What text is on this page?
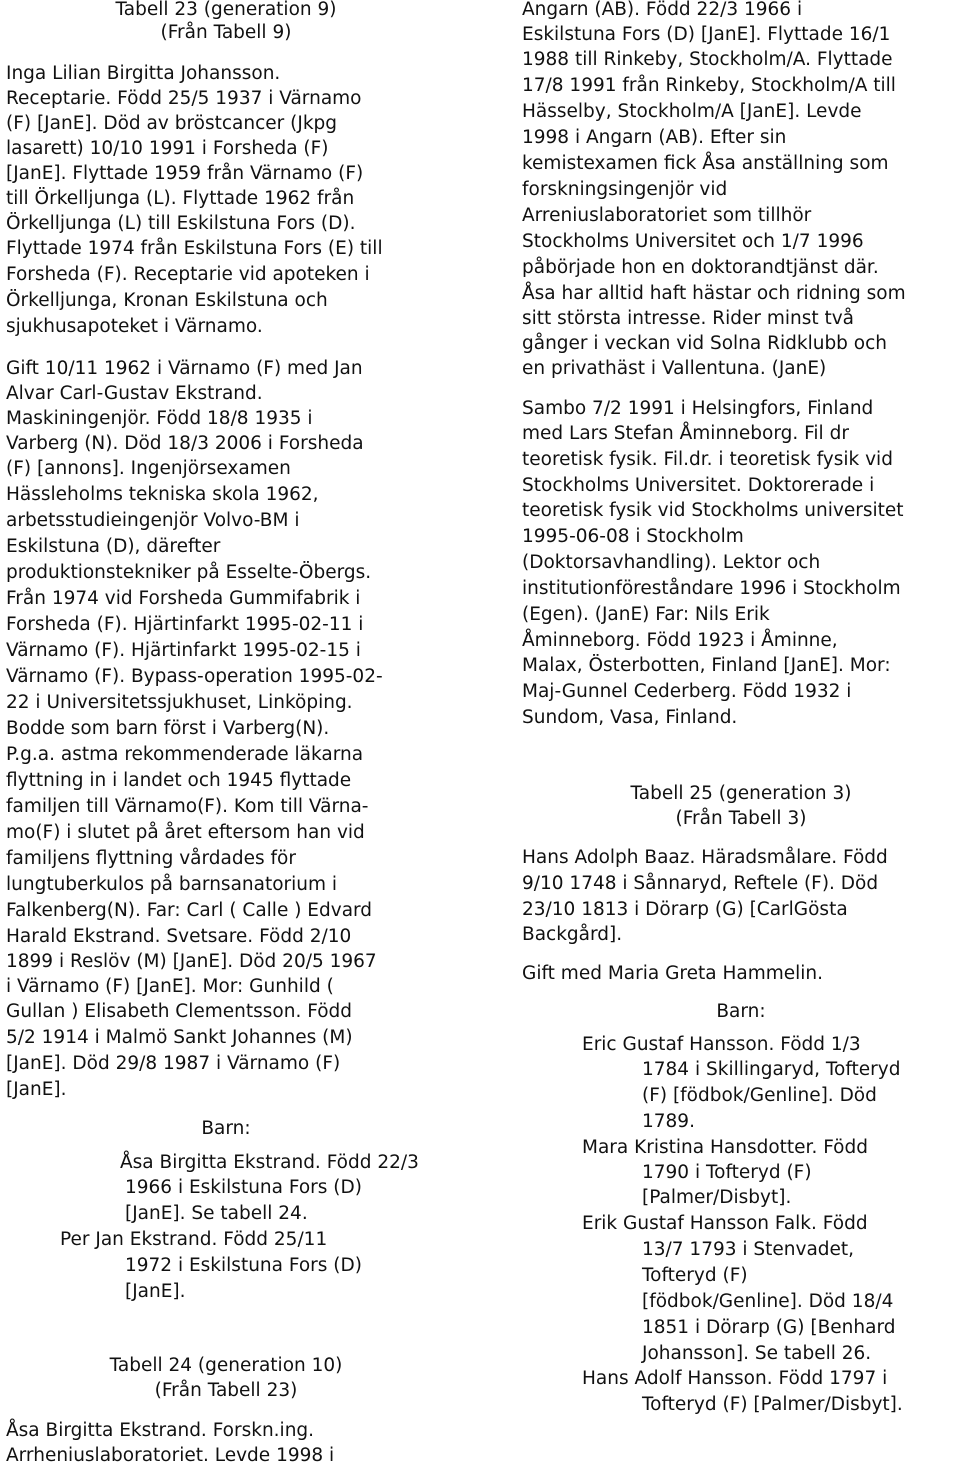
Tabell 23 (generation 9)
(Från Tabell 9)
Inga Lilian Birgitta Johansson.
Receptarie. Född 25/5 1937 i Värnamo
(F) [JanE]. Död av bröstcancer (Jkpg
lasarett) 10/10 1991 i Forsheda (F)
[JanE]. Flyttade 1959 från Värnamo (F)
till Örkelljunga (L). Flyttade 1962 från
Örkelljunga (L) till Eskilstuna Fors (D).
Flyttade 1974 från Eskilstuna Fors (E) till
Forsheda (F). Receptarie vid apoteken i
Örkelljunga, Kronan Eskilstuna och
sjukhusapoteket i Värnamo.
Gift 10/11 1962 i Värnamo (F) med Jan
Alvar Carl-Gustav Ekstrand.
Maskiningenjör. Född 18/8 1935 i
Varberg (N). Död 18/3 2006 i Forsheda
(F) [annons]. Ingenjörsexamen
Hässleholms tekniska skola 1962,
arbetsstudieingenjör Volvo-BM i
Eskilstuna (D), därefter
produktionstekniker på Esselte-Öbergs.
Från 1974 vid Forsheda Gummifabrik i
Forsheda (F). Hjärtinfarkt 1995-02-11 i
Värnamo (F). Hjärtinfarkt 1995-02-15 i
Värnamo (F). Bypass-operation 1995-02-
22 i Universitetssjukhuset, Linköping.
Bodde som barn först i Varberg(N).
P.g.a. astma rekommenderade läkarna
flyttning in i landet och 1945 flyttade
familjen till Värnamo(F). Kom till Värna-
mo(F) i slutet på året eftersom han vid
familjens flyttning vårdades för
lungtuberkulos på barnsanatorium i
Falkenberg(N). Far: Carl ( Calle ) Edvard
Harald Ekstrand. Svetsare. Född 2/10
1899 i Reslöv (M) [JanE]. Död 20/5 1967
i Värnamo (F) [JanE]. Mor: Gunhild (
Gullan ) Elisabeth Clementsson. Född
5/2 1914 i Malmö Sankt Johannes (M)
[JanE]. Död 29/8 1987 i Värnamo (F)
[JanE].
Barn:
Åsa Birgitta Ekstrand. Född 22/3
1966 i Eskilstuna Fors (D)
[JanE]. Se tabell 24.
Per Jan Ekstrand. Född 25/11
1972 i Eskilstuna Fors (D)
[JanE].
Tabell 24 (generation 10)
(Från Tabell 23)
Åsa Birgitta Ekstrand. Forskn.ing.
Arrheniuslaboratoriet. Levde 1998 i
Angarn (AB). Född 22/3 1966 i
Eskilstuna Fors (D) [JanE]. Flyttade 16/1
1988 till Rinkeby, Stockholm/A. Flyttade
17/8 1991 från Rinkeby, Stockholm/A till
Hässelby, Stockholm/A [JanE]. Levde
1998 i Angarn (AB). Efter sin
kemistexamen fick Åsa anställning som
forskningsingenjör vid
Arreniuslaboratoriet som tillhör
Stockholms Universitet och 1/7 1996
påbörjade hon en doktorandtjänst där.
Åsa har alltid haft hästar och ridning som
sitt största intresse. Rider minst två
gånger i veckan vid Solna Ridklubb och
en privathäst i Vallentuna. (JanE)
Sambo 7/2 1991 i Helsingfors, Finland
med Lars Stefan Åminneborg. Fil dr
teoretisk fysik. Fil.dr. i teoretisk fysik vid
Stockholms Universitet. Doktorerade i
teoretisk fysik vid Stockholms universitet
1995-06-08 i Stockholm
(Doktorsavhandling). Lektor och
institutionföreståndare 1996 i Stockholm
(Egen). (JanE) Far: Nils Erik
Åminneborg. Född 1923 i Åminne,
Malax, Österbotten, Finland [JanE]. Mor:
Maj-Gunnel Cederberg. Född 1932 i
Sundom, Vasa, Finland.
Tabell 25 (generation 3)
(Från Tabell 3)
Hans Adolph Baaz. Häradsmålare. Född
9/10 1748 i Sånnaryd, Reftele (F). Död
23/10 1813 i Dörarp (G) [CarlGösta
Backgård].
Gift med Maria Greta Hammelin.
Barn:
Eric Gustaf Hansson. Född 1/3
1784 i Skillingaryd, Tofteryd
(F) [födbok/Genline]. Död
1789.
Mara Kristina Hansdotter. Född
1790 i Tofteryd (F)
[Palmer/Disbyt].
Erik Gustaf Hansson Falk. Född
13/7 1793 i Stenvadet,
Tofteryd (F)
[födbok/Genline]. Död 18/4
1851 i Dörarp (G) [Benhard
Johansson]. Se tabell 26.
Hans Adolf Hansson. Född 1797 i
Tofteryd (F) [Palmer/Disbyt].
